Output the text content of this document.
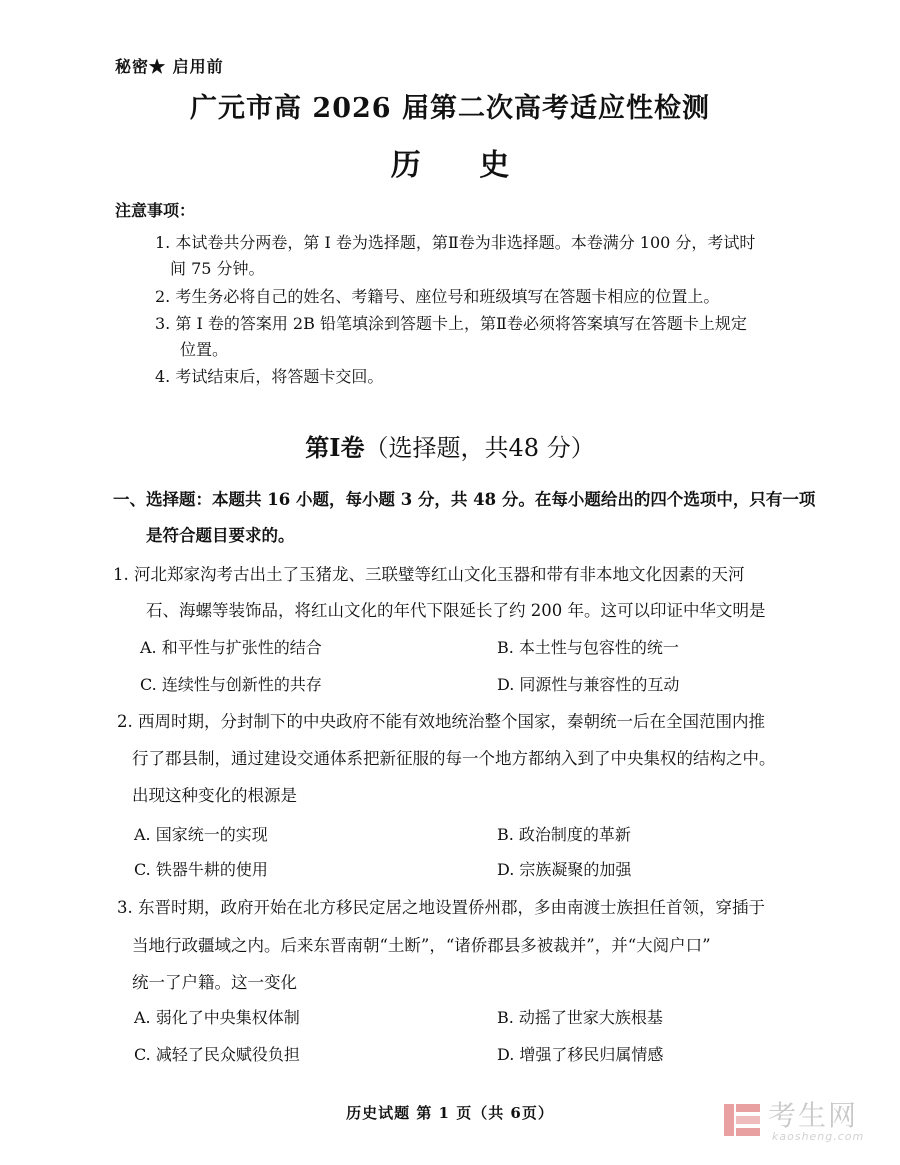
秘密★ 启用前
广元市高 2026 届第二次高考适应性检测
历 史
注意事项：
1. 本试卷共分两卷，第 I 卷为选择题，第Ⅱ卷为非选择题。本卷满分 100 分，考试时
间 75 分钟。
2. 考生务必将自己的姓名、考籍号、座位号和班级填写在答题卡相应的位置上。
3. 第 I 卷的答案用 2B 铅笔填涂到答题卡上，第Ⅱ卷必须将答案填写在答题卡上规定
位置。
4. 考试结束后，将答题卡交回。
第I卷（选择题，共48 分）
一、选择题：本题共 16 小题，每小题 3 分，共 48 分。在每小题给出的四个选项中，只有一项
是符合题目要求的。
1. 河北郑家沟考古出土了玉猪龙、三联璧等红山文化玉器和带有非本地文化因素的天河
石、海螺等装饰品，将红山文化的年代下限延长了约 200 年。这可以印证中华文明是
A. 和平性与扩张性的结合	B. 本土性与包容性的统一
C. 连续性与创新性的共存	D. 同源性与兼容性的互动
2. 西周时期，分封制下的中央政府不能有效地统治整个国家，秦朝统一后在全国范围内推
行了郡县制，通过建设交通体系把新征服的每一个地方都纳入到了中央集权的结构之中。
出现这种变化的根源是
A. 国家统一的实现	B. 政治制度的革新
C. 铁器牛耕的使用	D. 宗族凝聚的加强
3. 东晋时期，政府开始在北方移民定居之地设置侨州郡，多由南渡士族担任首领，穿插于
当地行政疆域之内。后来东晋南朝“土断”，“诸侨郡县多被裁并”，并“大阅户口”
统一了户籍。这一变化
A. 弱化了中央集权体制	B. 动摇了世家大族根基
C. 减轻了民众赋役负担	D. 增强了移民归属情感
历史试题 第 1 页（共 6页）	考生网
kaosheng.com
